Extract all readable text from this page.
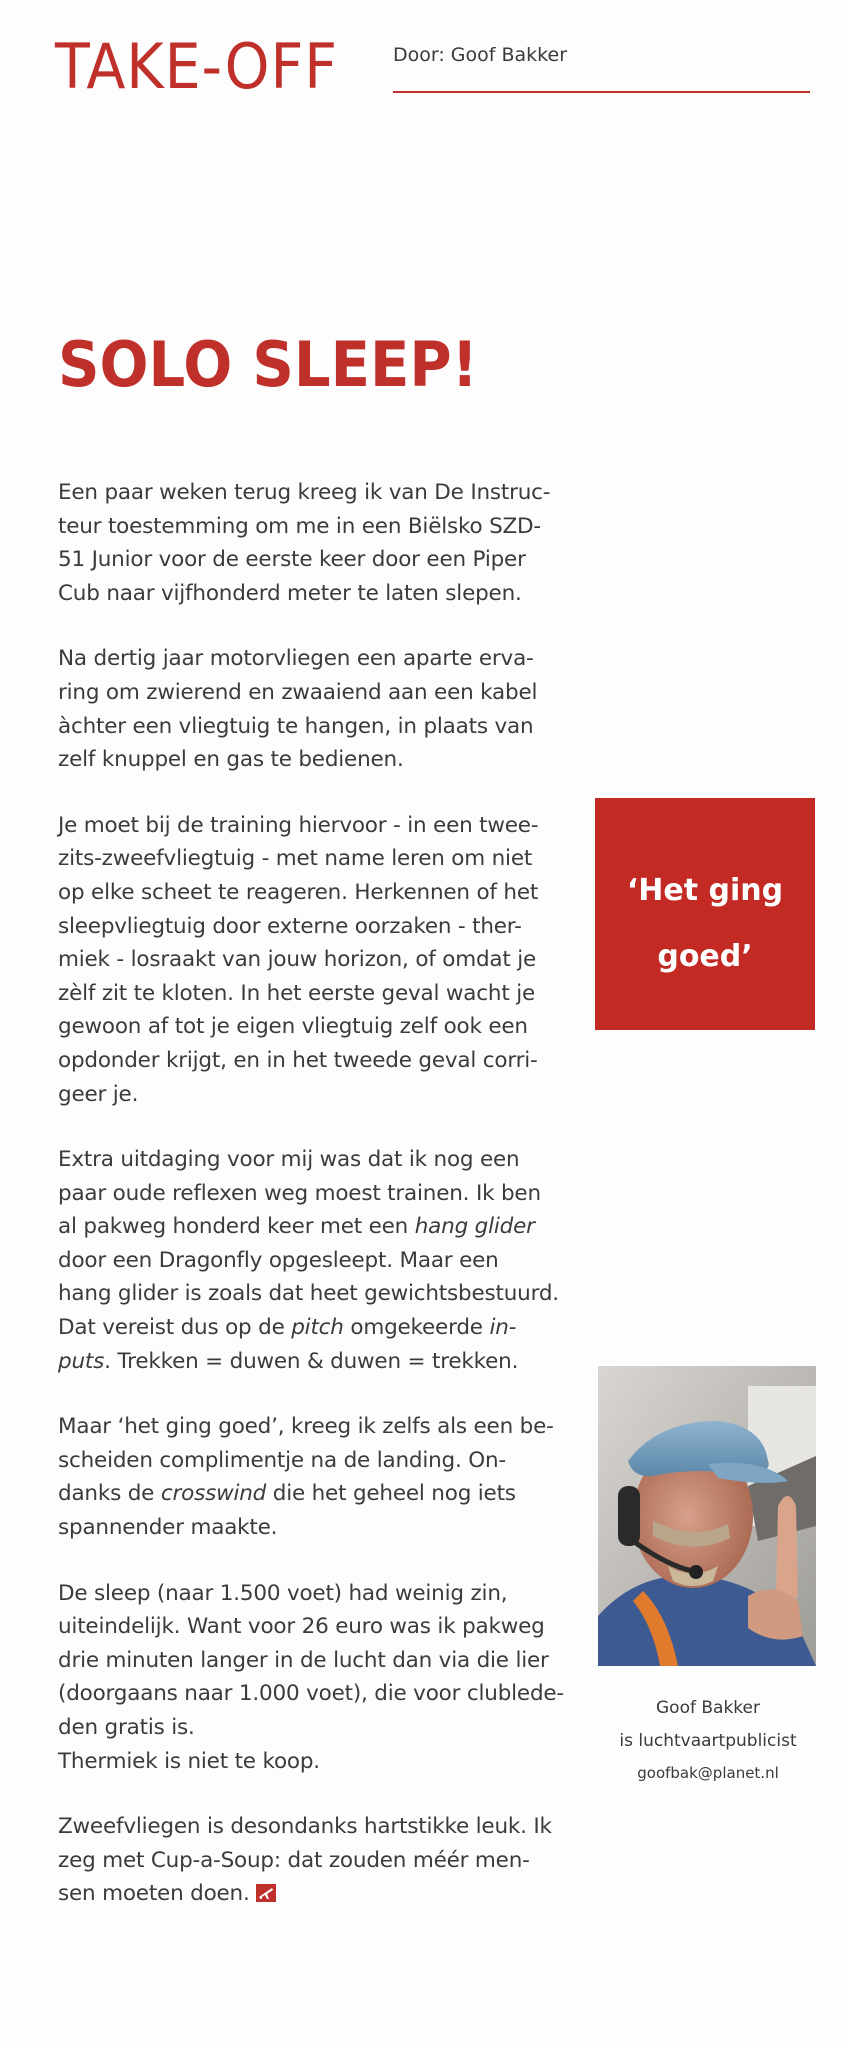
TAKE-OFF	Door: Goof Bakker
SOLO SLEEP!

Een paar weken terug kreeg ik van De Instruc-
teur toestemming om me in een Biëlsko SZD-
51 Junior voor de eerste keer door een Piper
Cub naar vijfhonderd meter te laten slepen.

Na dertig jaar motorvliegen een aparte erva-
ring om zwierend en zwaaiend aan een kabel
àchter een vliegtuig te hangen, in plaats van
zelf knuppel en gas te bedienen.

Je moet bij de training hiervoor - in een twee-
zits-zweefvliegtuig - met name leren om niet
op elke scheet te reageren. Herkennen of het
sleepvliegtuig door externe oorzaken - ther-
miek - losraakt van jouw horizon, of omdat je
zèlf zit te kloten. In het eerste geval wacht je
gewoon af tot je eigen vliegtuig zelf ook een
opdonder krijgt, en in het tweede geval corri-
geer je.

Extra uitdaging voor mij was dat ik nog een
paar oude reflexen weg moest trainen. Ik ben
al pakweg honderd keer met een hang glider
door een Dragonfly opgesleept. Maar een
hang glider is zoals dat heet gewichtsbestuurd.
Dat vereist dus op de pitch omgekeerde in-
puts. Trekken = duwen & duwen = trekken.

Maar ‘het ging goed’, kreeg ik zelfs als een be-
scheiden complimentje na de landing. On-
danks de crosswind die het geheel nog iets
spannender maakte.

De sleep (naar 1.500 voet) had weinig zin,
uiteindelijk. Want voor 26 euro was ik pakweg
drie minuten langer in de lucht dan via die lier
(doorgaans naar 1.000 voet), die voor clublede-
den gratis is.
Thermiek is niet te koop.

Zweefvliegen is desondanks hartstikke leuk. Ik
zeg met Cup-a-Soup: dat zouden méér men-
sen moeten doen.

‘Het ging
goed’
Goof Bakker
is luchtvaartpublicist
goofbak@planet.nl
